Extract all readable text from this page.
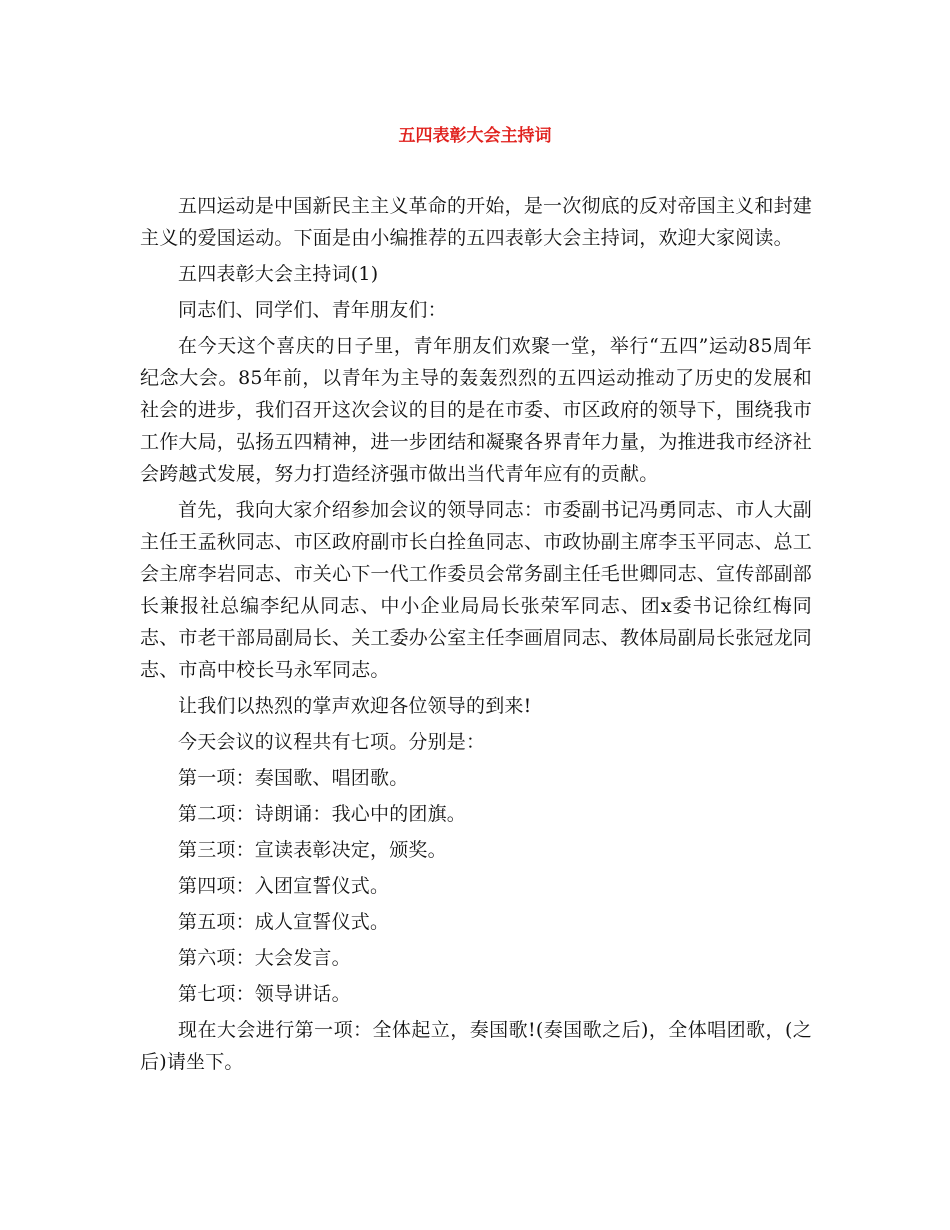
五四表彰大会主持词

五四运动是中国新民主主义革命的开始，是一次彻底的反对帝国主义和封建主义的爱国运动。下面是由小编推荐的五四表彰大会主持词，欢迎大家阅读。

五四表彰大会主持词(1)

同志们、同学们、青年朋友们：

在今天这个喜庆的日子里，青年朋友们欢聚一堂，举行“五四”运动85周年纪念大会。85年前，以青年为主导的轰轰烈烈的五四运动推动了历史的发展和社会的进步，我们召开这次会议的目的是在市委、市区政府的领导下，围绕我市工作大局，弘扬五四精神，进一步团结和凝聚各界青年力量，为推进我市经济社会跨越式发展，努力打造经济强市做出当代青年应有的贡献。

首先，我向大家介绍参加会议的领导同志：市委副书记冯勇同志、市人大副主任王孟秋同志、市区政府副市长白拴鱼同志、市政协副主席李玉平同志、总工会主席李岩同志、市关心下一代工作委员会常务副主任毛世卿同志、宣传部副部长兼报社总编李纪从同志、中小企业局局长张荣军同志、团x委书记徐红梅同 志、市老干部局副局长、关工委办公室主任李画眉同志、教体局副局长张冠龙同志、市高中校长马永军同志。

让我们以热烈的掌声欢迎各位领导的到来!

今天会议的议程共有七项。分别是：

第一项：奏国歌、唱团歌。

第二项：诗朗诵：我心中的团旗。

第三项：宣读表彰决定，颁奖。

第四项：入团宣誓仪式。

第五项：成人宣誓仪式。

第六项：大会发言。

第七项：领导讲话。

现在大会进行第一项：全体起立，奏国歌!(奏国歌之后)，全体唱团歌，(之后)请坐下。
